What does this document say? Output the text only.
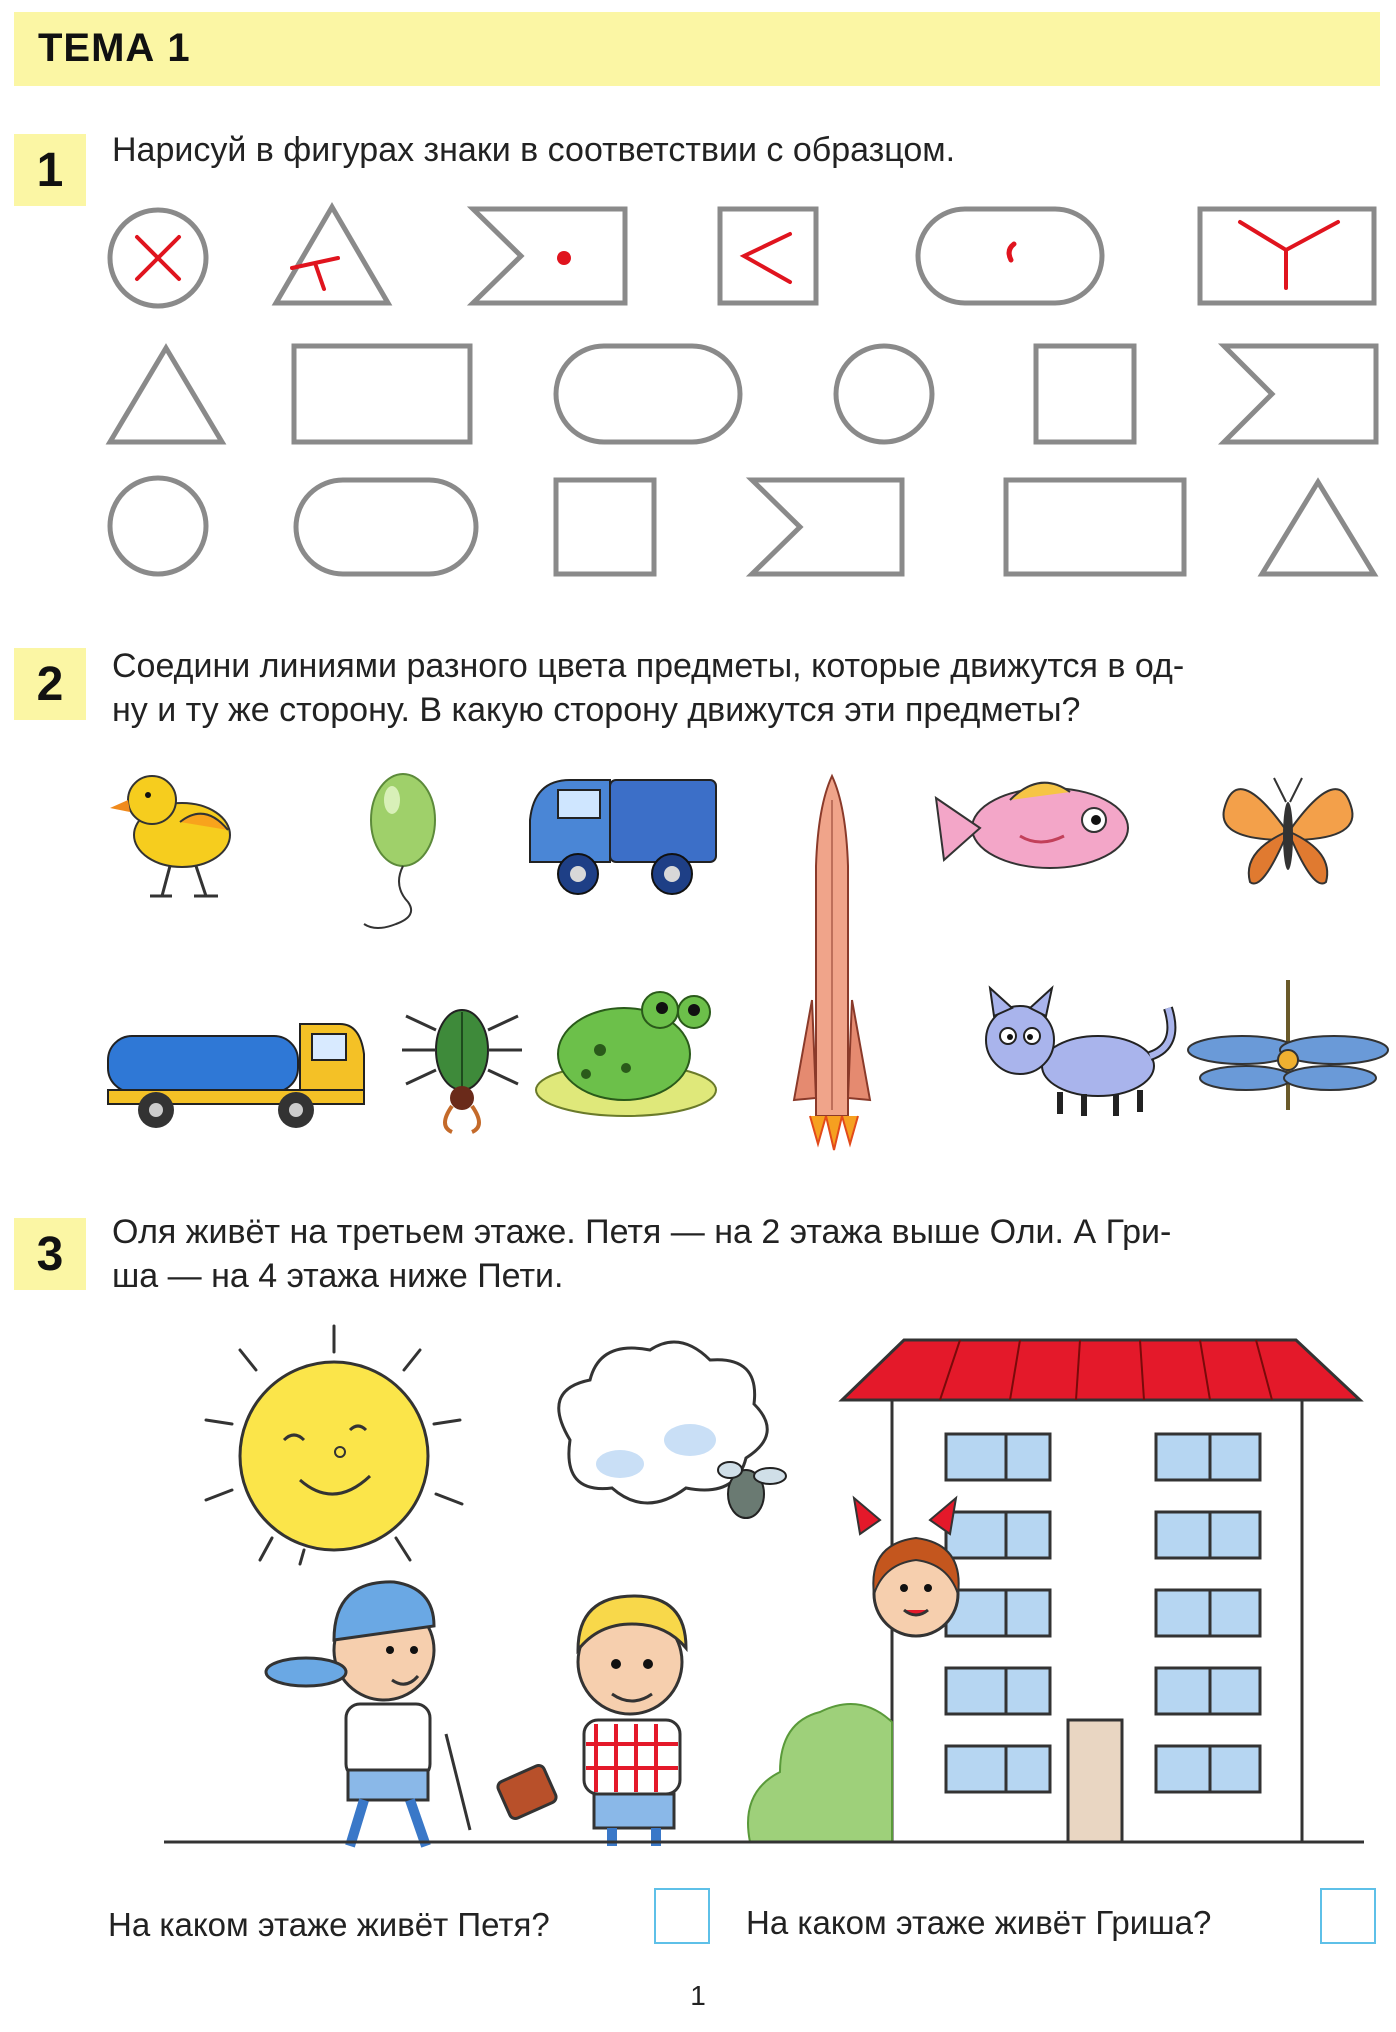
ТЕМА 1
1	Нарисуй в фигурах знаки в соответствии с образцом.
2	Соедини линиями разного цвета предметы, которые движутся в од-
ну и ту же сторону. В какую сторону движутся эти предметы?
3	Оля живёт на третьем этаже. Петя — на 2 этажа выше Оли. А Гри-
ша — на 4 этажа ниже Пети.
На каком этаже живёт Петя?	На каком этаже живёт Гриша?
1
